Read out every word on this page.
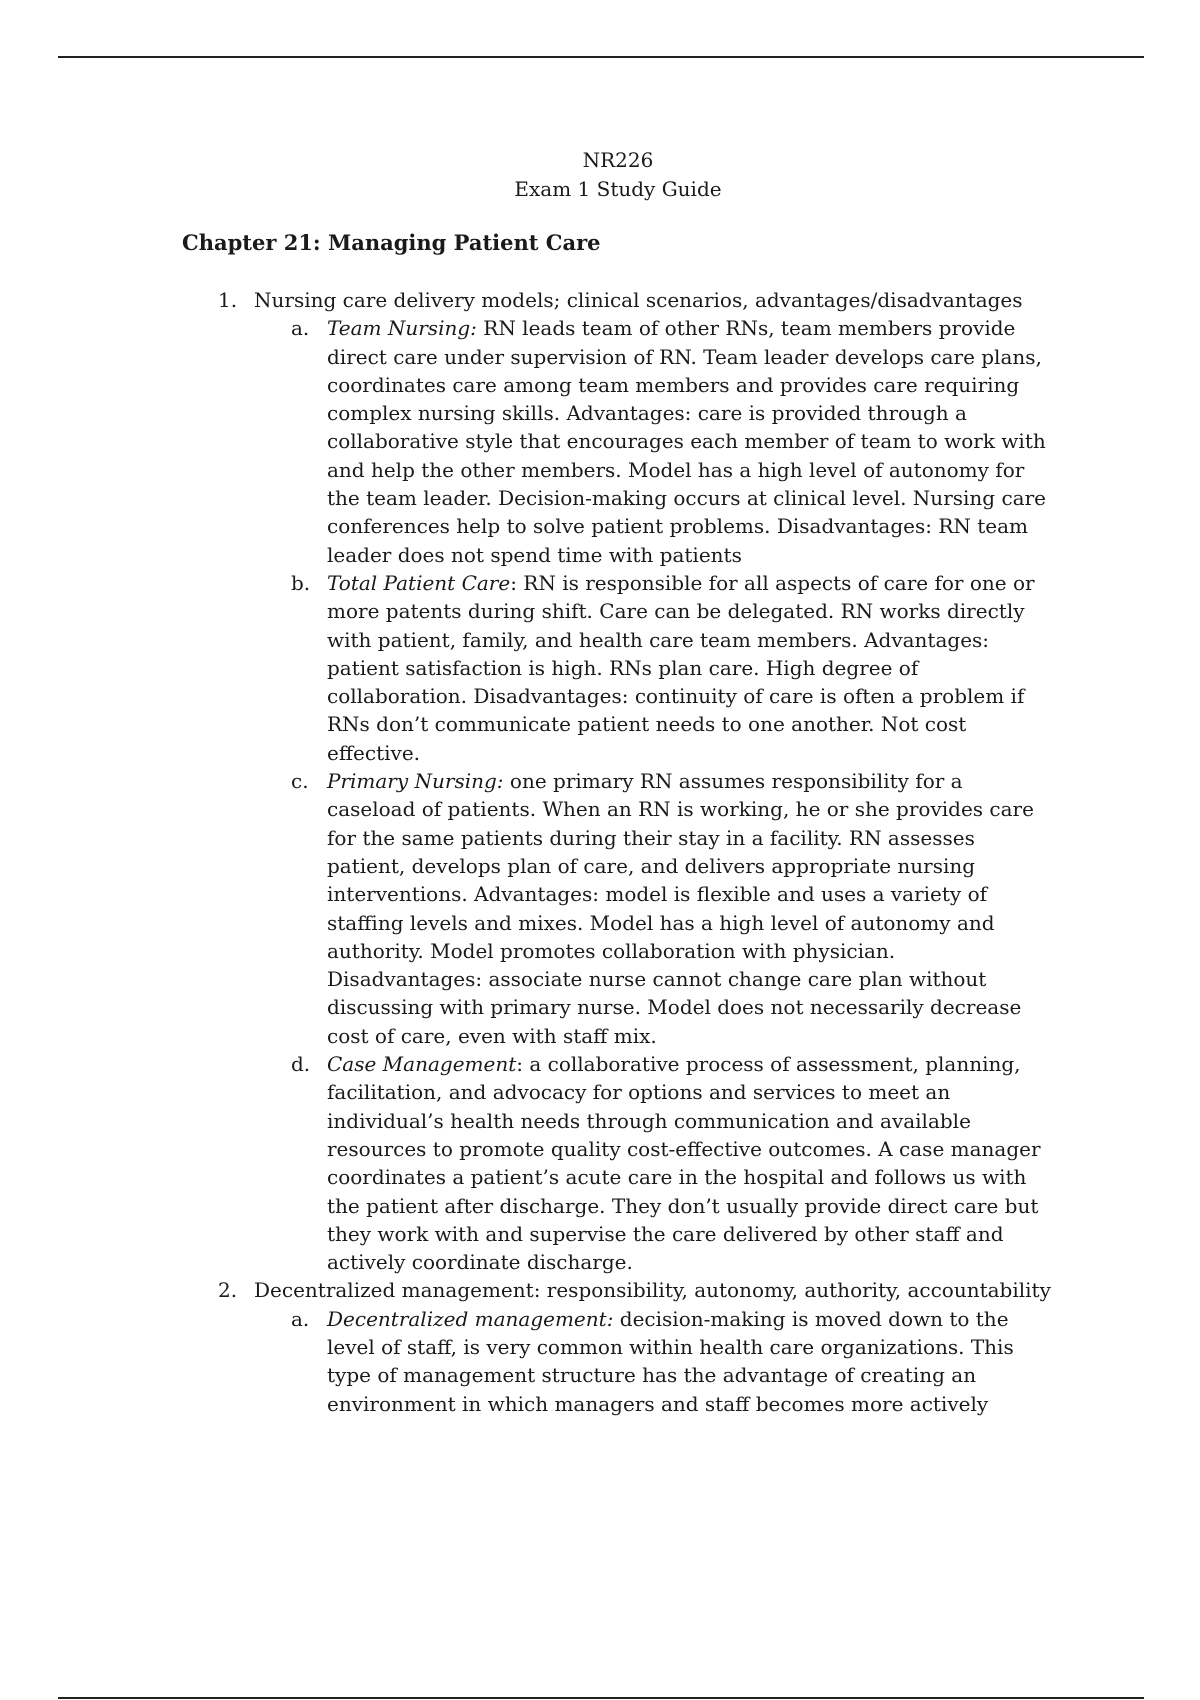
NR226
Exam 1 Study Guide
Chapter 21: Managing Patient Care
1. Nursing care delivery models; clinical scenarios, advantages/disadvantages
a. Team Nursing: RN leads team of other RNs, team members provide direct care under supervision of RN. Team leader develops care plans, coordinates care among team members and provides care requiring complex nursing skills. Advantages: care is provided through a collaborative style that encourages each member of team to work with and help the other members. Model has a high level of autonomy for the team leader. Decision-making occurs at clinical level. Nursing care conferences help to solve patient problems. Disadvantages: RN team leader does not spend time with patients
b. Total Patient Care: RN is responsible for all aspects of care for one or more patents during shift. Care can be delegated. RN works directly with patient, family, and health care team members. Advantages: patient satisfaction is high. RNs plan care. High degree of collaboration. Disadvantages: continuity of care is often a problem if RNs don’t communicate patient needs to one another. Not cost effective.
c. Primary Nursing: one primary RN assumes responsibility for a caseload of patients. When an RN is working, he or she provides care for the same patients during their stay in a facility. RN assesses patient, develops plan of care, and delivers appropriate nursing interventions. Advantages: model is flexible and uses a variety of staffing levels and mixes. Model has a high level of autonomy and authority. Model promotes collaboration with physician. Disadvantages: associate nurse cannot change care plan without discussing with primary nurse. Model does not necessarily decrease cost of care, even with staff mix.
d. Case Management: a collaborative process of assessment, planning, facilitation, and advocacy for options and services to meet an individual’s health needs through communication and available resources to promote quality cost-effective outcomes. A case manager coordinates a patient’s acute care in the hospital and follows us with the patient after discharge. They don’t usually provide direct care but they work with and supervise the care delivered by other staff and actively coordinate discharge.
2. Decentralized management: responsibility, autonomy, authority, accountability
a. Decentralized management: decision-making is moved down to the level of staff, is very common within health care organizations. This type of management structure has the advantage of creating an environment in which managers and staff becomes more actively
